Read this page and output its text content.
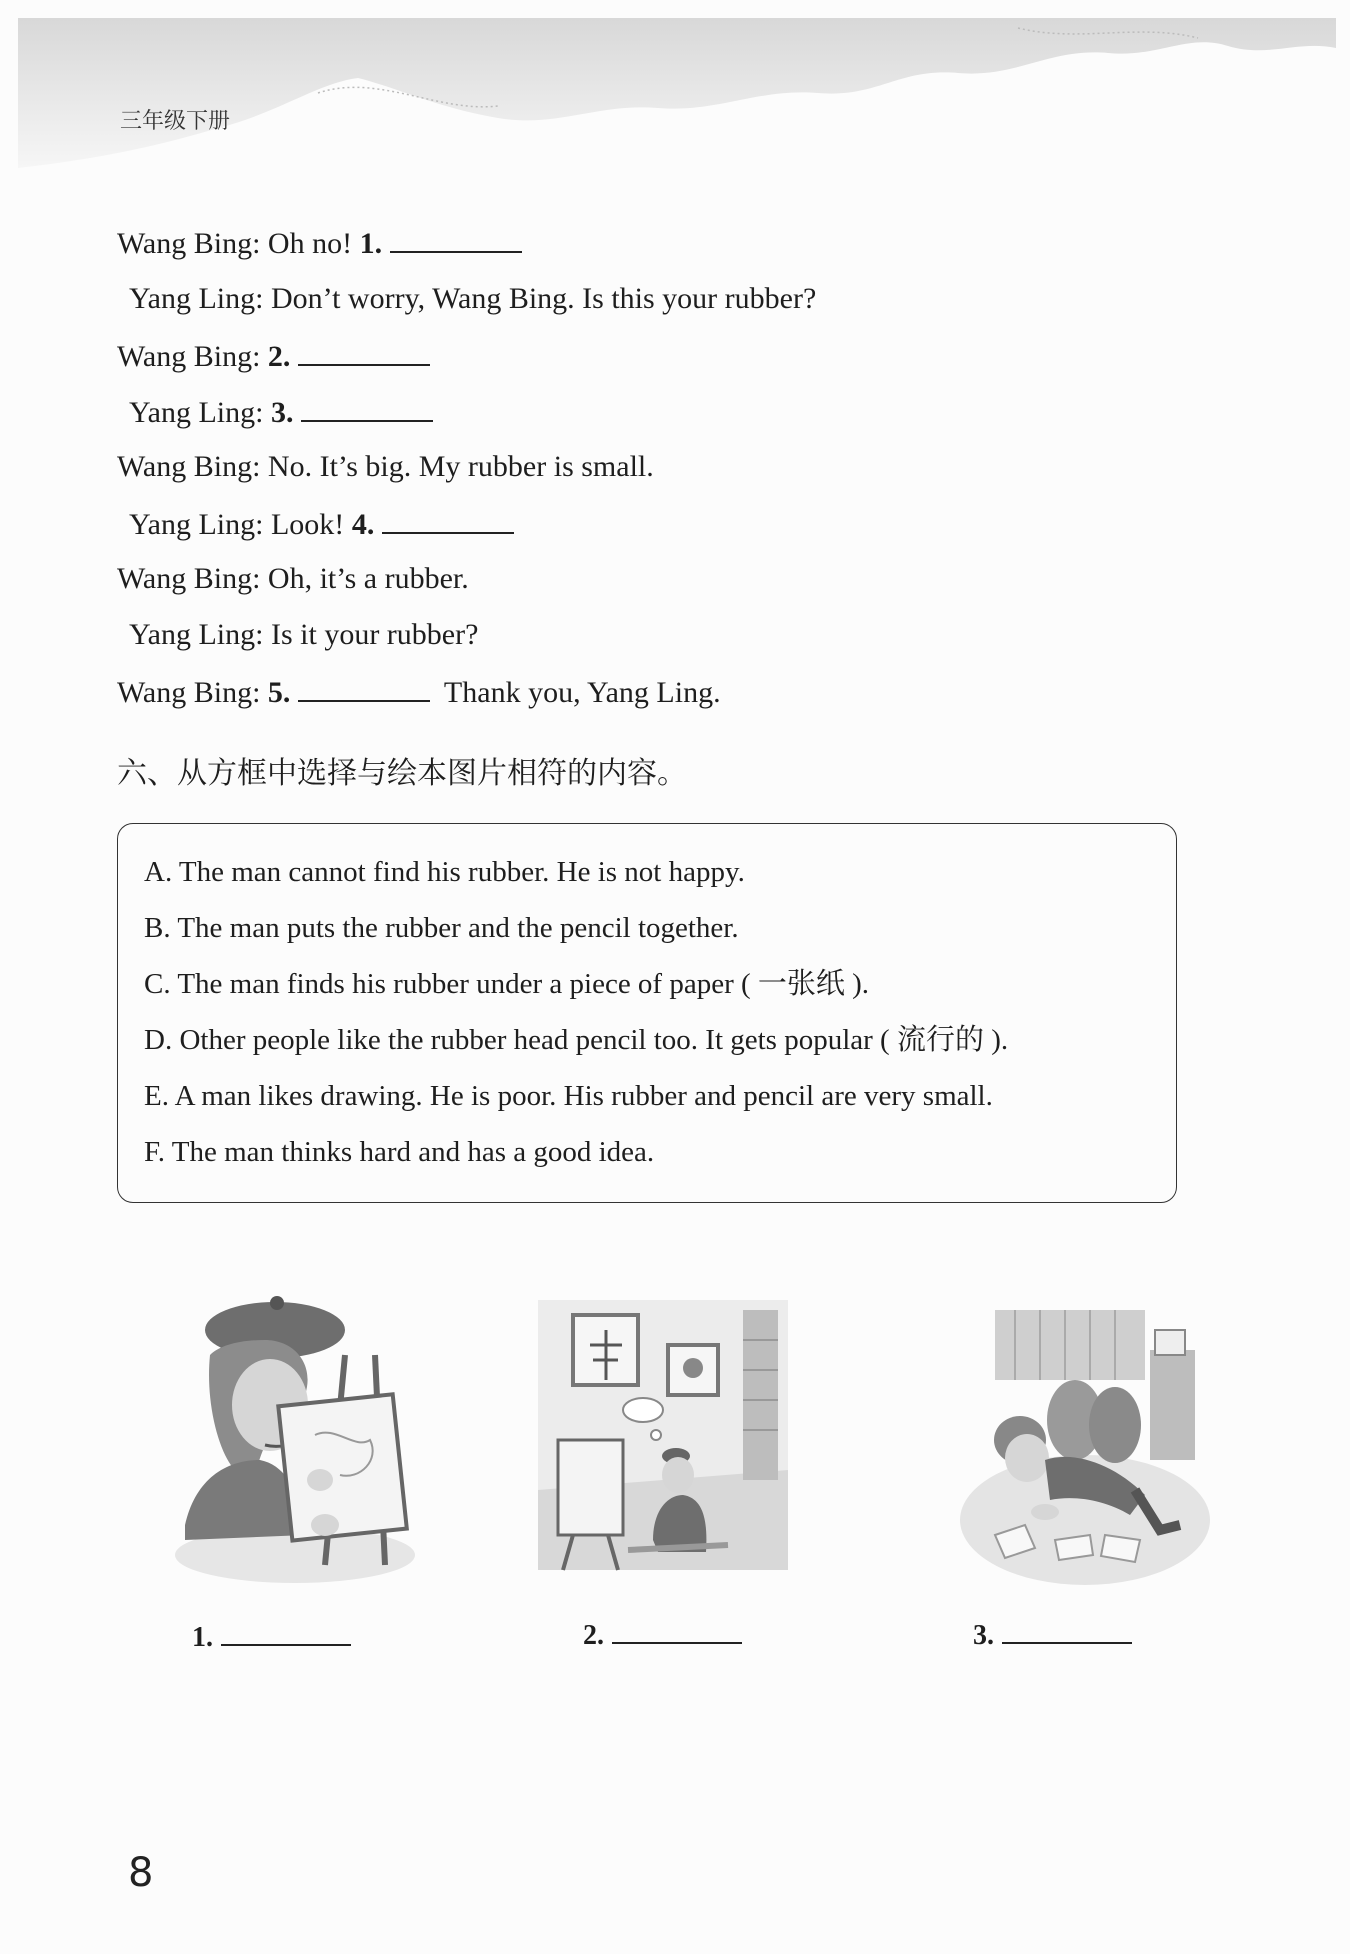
三年级下册
Wang Bing: Oh no! 1.
Yang Ling: Don’t worry, Wang Bing. Is this your rubber?
Wang Bing: 2.
Yang Ling: 3.
Wang Bing: No. It’s big. My rubber is small.
Yang Ling: Look! 4.
Wang Bing: Oh, it’s a rubber.
Yang Ling: Is it your rubber?
Wang Bing: 5.	Thank you, Yang Ling.
六、从方框中选择与绘本图片相符的内容。
A. The man cannot find his rubber. He is not happy.
B. The man puts the rubber and the pencil together.
C. The man finds his rubber under a piece of paper ( 一张纸 ).
D. Other people like the rubber head pencil too. It gets popular ( 流行的 ).
E. A man likes drawing. He is poor. His rubber and pencil are very small.
F. The man thinks hard and has a good idea.
1.	2.	3.
8
